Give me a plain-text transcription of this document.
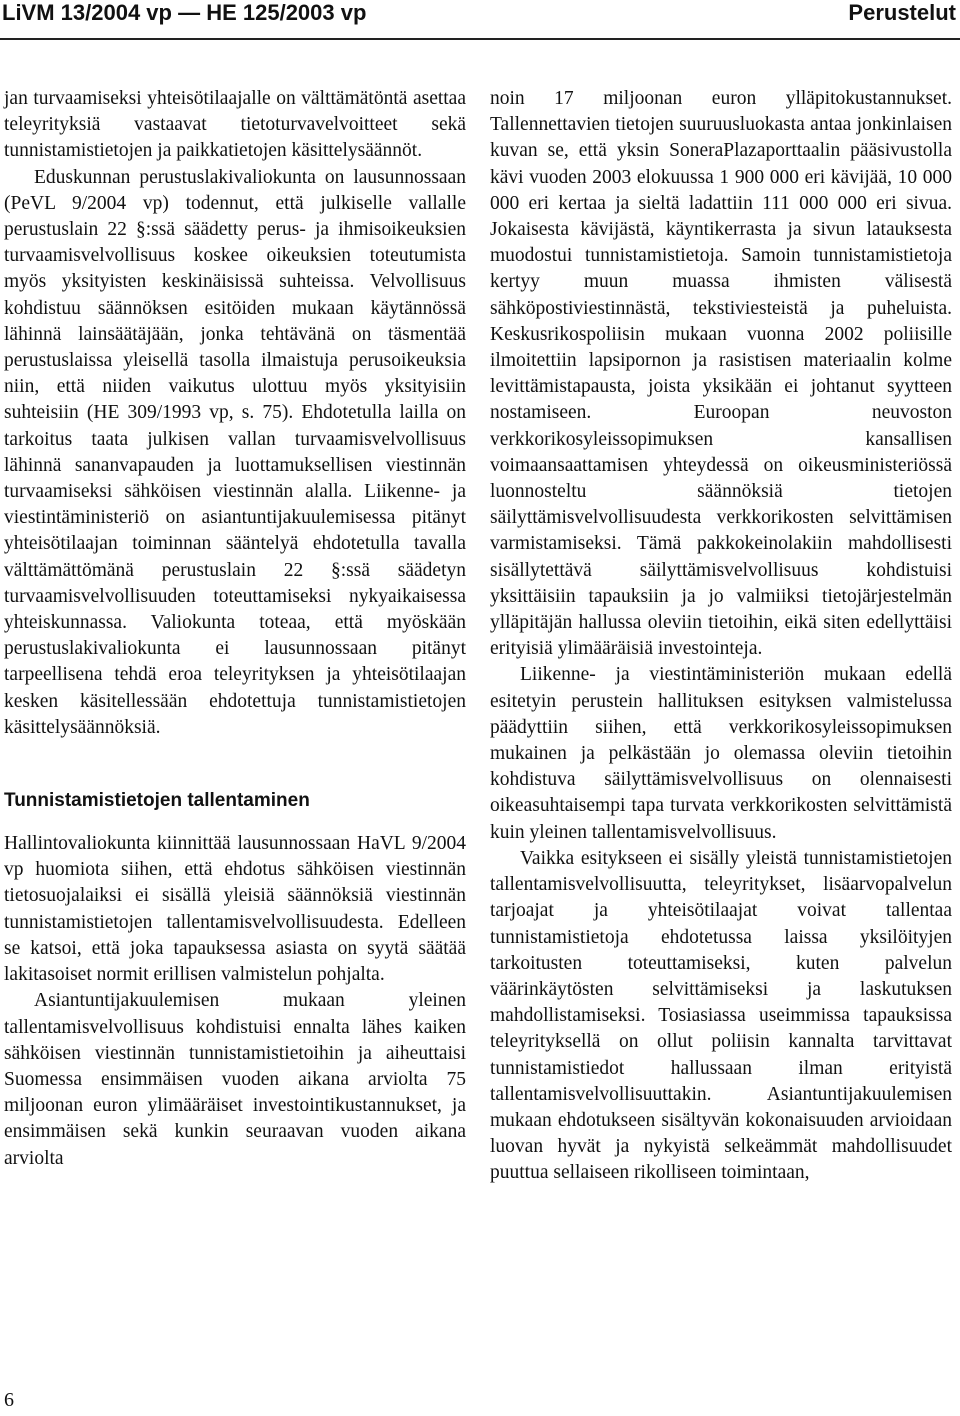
LiVM 13/2004 vp — HE 125/2003 vp	Perustelut

jan turvaamiseksi yhteisötilaajalle on välttämätöntä asettaa teleyrityksiä vastaavat tietoturvavelvoitteet sekä tunnistamistietojen ja paikkatietojen käsittelysäännöt.

Eduskunnan perustuslakivaliokunta on lausunnossaan (PeVL 9/2004 vp) todennut, että julkiselle vallalle perustuslain 22 §:ssä säädetty perus- ja ihmisoikeuksien turvaamisvelvollisuus koskee oikeuksien toteutumista myös yksityisten keskinäisissä suhteissa. Velvollisuus kohdistuu säännöksen esitöiden mukaan käytännössä lähinnä lainsäätäjään, jonka tehtävänä on täsmentää perustuslaissa yleisellä tasolla ilmaistuja perusoikeuksia niin, että niiden vaikutus ulottuu myös yksityisiin suhteisiin (HE 309/1993 vp, s. 75). Ehdotetulla lailla on tarkoitus taata julkisen vallan turvaamisvelvollisuus lähinnä sananvapauden ja luottamuksellisen viestinnän turvaamiseksi sähköisen viestinnän alalla. Liikenne- ja viestintäministeriö on asiantuntijakuulemisessa pitänyt yhteisötilaajan toiminnan sääntelyä ehdotetulla tavalla välttämättömänä perustuslain 22 §:ssä säädetyn turvaamisvelvollisuuden toteuttamiseksi nykyaikaisessa yhteiskunnassa. Valiokunta toteaa, että myöskään perustuslakivaliokunta ei lausunnossaan pitänyt tarpeellisena tehdä eroa teleyrityksen ja yhteisötilaajan kesken käsitellessään ehdotettuja tunnistamistietojen käsittelysäännöksiä.

Tunnistamistietojen tallentaminen

Hallintovaliokunta kiinnittää lausunnossaan HaVL 9/2004 vp huomiota siihen, että ehdotus sähköisen viestinnän tietosuojalaiksi ei sisällä yleisiä säännöksiä viestinnän tunnistamistietojen tallentamisvelvollisuudesta. Edelleen se katsoi, että joka tapauksessa asiasta on syytä säätää lakitasoiset normit erillisen valmistelun pohjalta.

Asiantuntijakuulemisen mukaan yleinen tallentamisvelvollisuus kohdistuisi ennalta lähes kaiken sähköisen viestinnän tunnistamistietoihin ja aiheuttaisi Suomessa ensimmäisen vuoden aikana arviolta 75 miljoonan euron ylimääräiset investointikustannukset, ja ensimmäisen sekä kunkin seuraavan vuoden aikana arviolta

noin 17 miljoonan euron ylläpitokustannukset. Tallennettavien tietojen suuruusluokasta antaa jonkinlaisen kuvan se, että yksin SoneraPlazaporttaalin pääsivustolla kävi vuoden 2003 elokuussa 1 900 000 eri kävijää, 10 000 000 eri kertaa ja sieltä ladattiin 111 000 000 eri sivua. Jokaisesta kävijästä, käyntikerrasta ja sivun latauksesta muodostui tunnistamistietoja. Samoin tunnistamistietoja kertyy muun muassa ihmisten välisestä sähköpostiviestinnästä, tekstiviesteistä ja puheluista. Keskusrikospoliisin mukaan vuonna 2002 poliisille ilmoitettiin lapsipornon ja rasistisen materiaalin kolme levittämistapausta, joista yksikään ei johtanut syytteen nostamiseen. Euroopan neuvoston verkkorikosyleissopimuksen kansallisen voimaansaattamisen yhteydessä on oikeusministeriössä luonnosteltu säännöksiä tietojen säilyttämisvelvollisuudesta verkkorikosten selvittämisen varmistamiseksi. Tämä pakkokeinolakiin mahdollisesti sisällytettävä säilyttämisvelvollisuus kohdistuisi yksittäisiin tapauksiin ja jo valmiiksi tietojärjestelmän ylläpitäjän hallussa oleviin tietoihin, eikä siten edellyttäisi erityisiä ylimääräisiä investointeja.

Liikenne- ja viestintäministeriön mukaan edellä esitetyin perustein hallituksen esityksen valmistelussa päädyttiin siihen, että verkkorikosyleissopimuksen mukainen ja pelkästään jo olemassa oleviin tietoihin kohdistuva säilyttämisvelvollisuus on olennaisesti oikeasuhtaisempi tapa turvata verkkorikosten selvittämistä kuin yleinen tallentamisvelvollisuus.

Vaikka esitykseen ei sisälly yleistä tunnistamistietojen tallentamisvelvollisuutta, teleyritykset, lisäarvopalvelun tarjoajat ja yhteisötilaajat voivat tallentaa tunnistamistietoja ehdotetussa laissa yksilöityjen tarkoitusten toteuttamiseksi, kuten palvelun väärinkäytösten selvittämiseksi ja laskutuksen mahdollistamiseksi. Tosiasiassa useimmissa tapauksissa teleyrityksellä on ollut poliisin kannalta tarvittavat tunnistamistiedot hallussaan ilman erityistä tallentamisvelvollisuuttakin. Asiantuntijakuulemisen mukaan ehdotukseen sisältyvän kokonaisuuden arvioidaan luovan hyvät ja nykyistä selkeämmät mahdollisuudet puuttua sellaiseen rikolliseen toimintaan,

6
